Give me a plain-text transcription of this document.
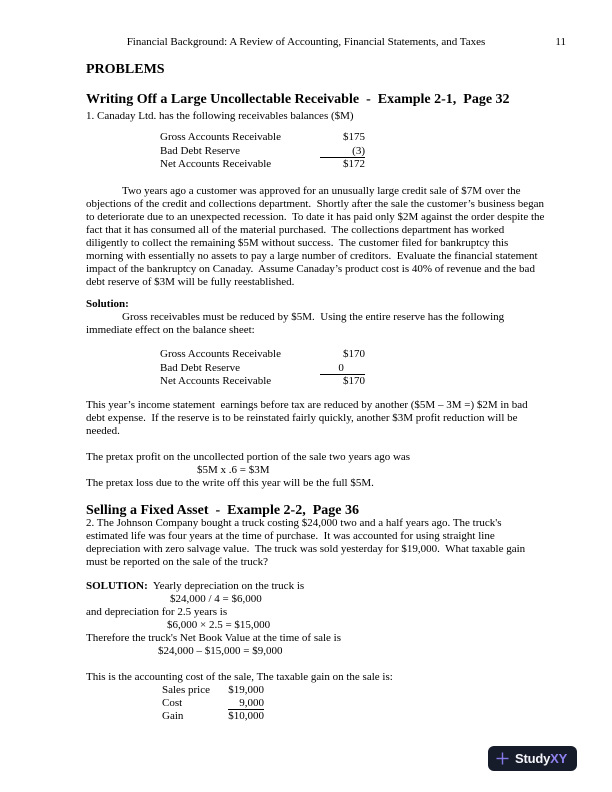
Financial Background: A Review of Accounting, Financial Statements, and Taxes	11
PROBLEMS
Writing Off a Large Uncollectable Receivable  -  Example 2-1,  Page 32
1. Canaday Ltd. has the following receivables balances ($M)
Gross Accounts Receivable	$175
Bad Debt Reserve	(3)
Net Accounts Receivable	$172
Two years ago a customer was approved for an unusually large credit sale of $7M over the
objections of the credit and collections department.  Shortly after the sale the customer’s business began
to deteriorate due to an unexpected recession.  To date it has paid only $2M against the order despite the
fact that it has consumed all of the material purchased.  The collections department has worked
diligently to collect the remaining $5M without success.  The customer filed for bankruptcy this
morning with essentially no assets to pay a large number of creditors.  Evaluate the financial statement
impact of the bankruptcy on Canaday.  Assume Canaday’s product cost is 40% of revenue and the bad
debt reserve of $3M will be fully reestablished.
Solution:
Gross receivables must be reduced by $5M.  Using the entire reserve has the following
immediate effect on the balance sheet:
Gross Accounts Receivable	$170
Bad Debt Reserve	0
Net Accounts Receivable	$170
This year’s income statement  earnings before tax are reduced by another ($5M – 3M =) $2M in bad
debt expense.  If the reserve is to be reinstated fairly quickly, another $3M profit reduction will be
needed.
The pretax profit on the uncollected portion of the sale two years ago was
$5M x .6 = $3M
The pretax loss due to the write off this year will be the full $5M.
Selling a Fixed Asset  -  Example 2-2,  Page 36
2. The Johnson Company bought a truck costing $24,000 two and a half years ago. The truck's
estimated life was four years at the time of purchase.  It was accounted for using straight line
depreciation with zero salvage value.  The truck was sold yesterday for $19,000.  What taxable gain
must be reported on the sale of the truck?
SOLUTION:  Yearly depreciation on the truck is
$24,000 / 4 = $6,000
and depreciation for 2.5 years is
$6,000 × 2.5 = $15,000
Therefore the truck's Net Book Value at the time of sale is
$24,000 – $15,000 = $9,000
This is the accounting cost of the sale, The taxable gain on the sale is:
Sales price	$19,000
Cost	9,000
Gain	$10,000
StudyXY
